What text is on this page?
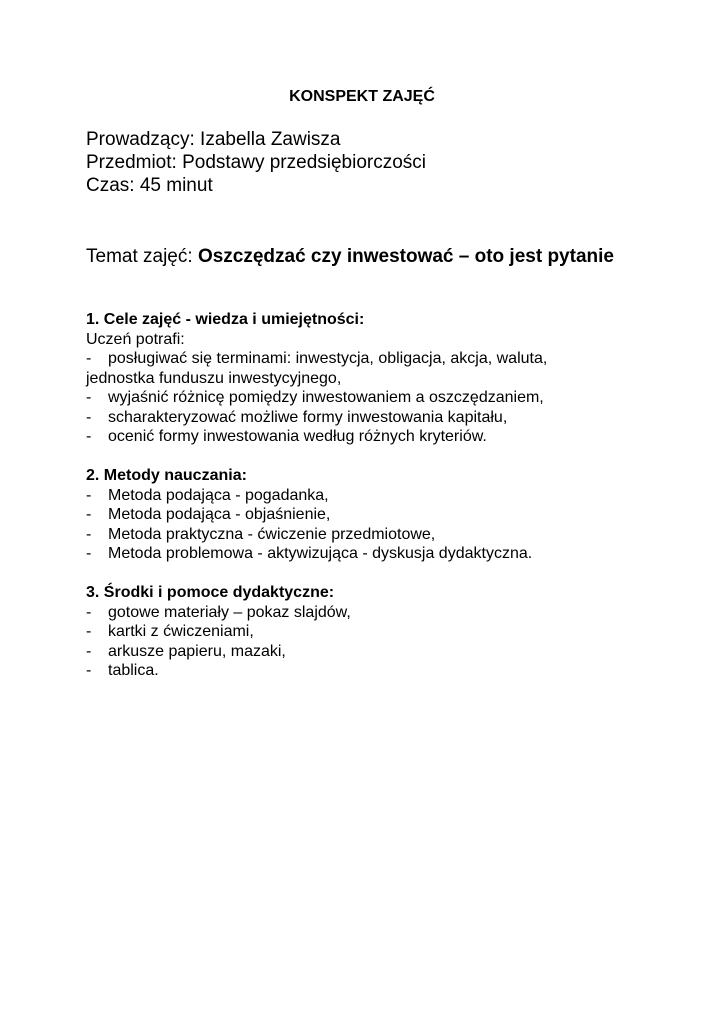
KONSPEKT ZAJĘĆ
Prowadzący: Izabella Zawisza
Przedmiot: Podstawy przedsiębiorczości
Czas: 45 minut
Temat zajęć: Oszczędzać czy inwestować – oto jest pytanie
1. Cele zajęć - wiedza i umiejętności:

Uczeń potrafi:

- posługiwać się terminami: inwestycja, obligacja, akcja, waluta,
jednostka funduszu inwestycyjnego,
- wyjaśnić różnicę pomiędzy inwestowaniem a oszczędzaniem,
- scharakteryzować możliwe formy inwestowania kapitału,
- ocenić formy inwestowania według różnych kryteriów.
2. Metody nauczania:
- Metoda podająca - pogadanka,
- Metoda podająca - objaśnienie,
- Metoda praktyczna - ćwiczenie przedmiotowe,
- Metoda problemowa - aktywizująca - dyskusja dydaktyczna.
3. Środki i pomoce dydaktyczne:
- gotowe materiały – pokaz slajdów,
- kartki z ćwiczeniami,
- arkusze papieru, mazaki,
- tablica.
